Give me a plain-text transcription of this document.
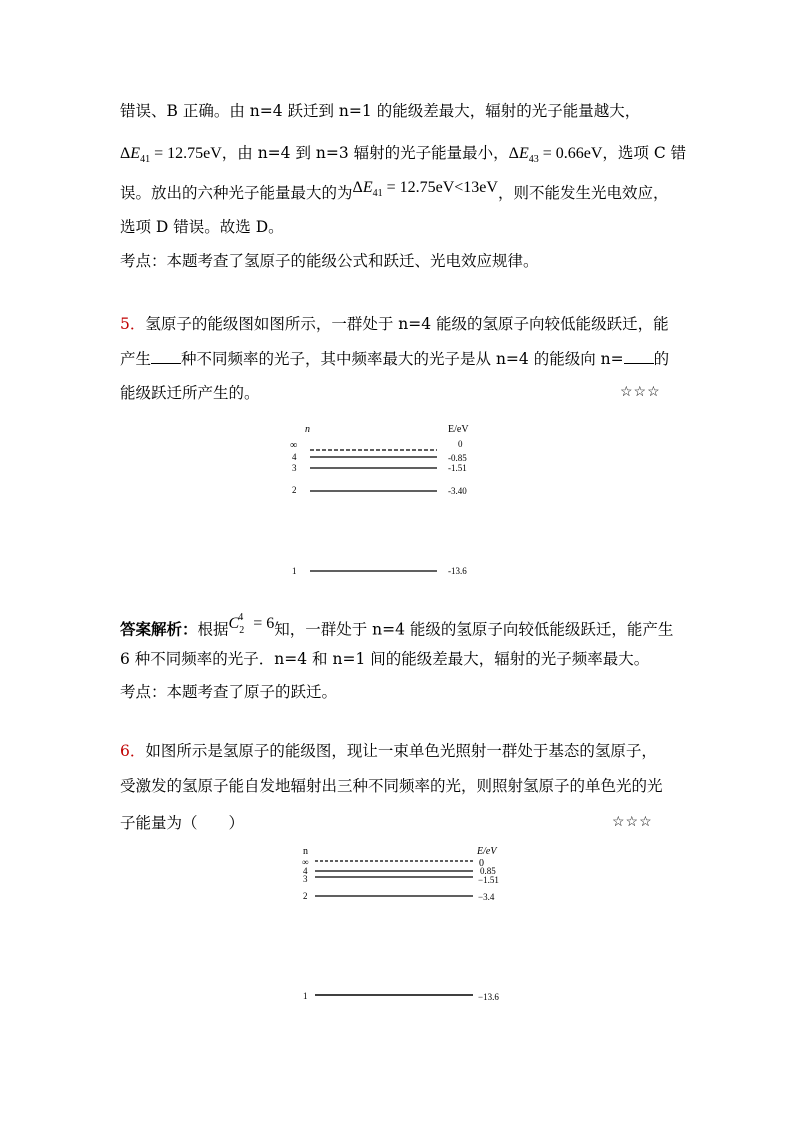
错误、B 正确。由 n=4 跃迁到 n=1 的能级差最大，辐射的光子能量越大，
$\Delta E_{41} = 12.75eV$，由 n=4 到 n=3 辐射的光子能量最小，$\Delta E_{43} = 0.66eV$，选项 C 错
误。放出的六种光子能量最大的为$\Delta E_{41} = 12.75eV<13eV$，则不能发生光电效应，
选项 D 错误。故选 D。
考点：本题考查了氢原子的能级公式和跃迁、光电效应规律。
5．氢原子的能级图如图所示，一群处于 n=4 能级的氢原子向较低能级跃迁，能
产生 种不同频率的光子，其中频率最大的光子是从 n=4 的能级向 n= 的
能级跃迁所产生的。	☆☆☆
n	E/eV
∞	0
4	-0.85
3	-1.51
2	-3.40
1	-13.6
答案解析：根据$C_2^4 = 6$知，一群处于 n=4 能级的氢原子向较低能级跃迁，能产生
6 种不同频率的光子．n=4 和 n=1 间的能级差最大，辐射的光子频率最大。
考点：本题考查了原子的跃迁。
6．如图所示是氢原子的能级图，现让一束单色光照射一群处于基态的氢原子，
受激发的氢原子能自发地辐射出三种不同频率的光，则照射氢原子的单色光的光
子能量为（　　）	☆☆☆
n	E/eV
∞	0
4	0.85
3	−1.51
2	−3.4
1	−13.6
